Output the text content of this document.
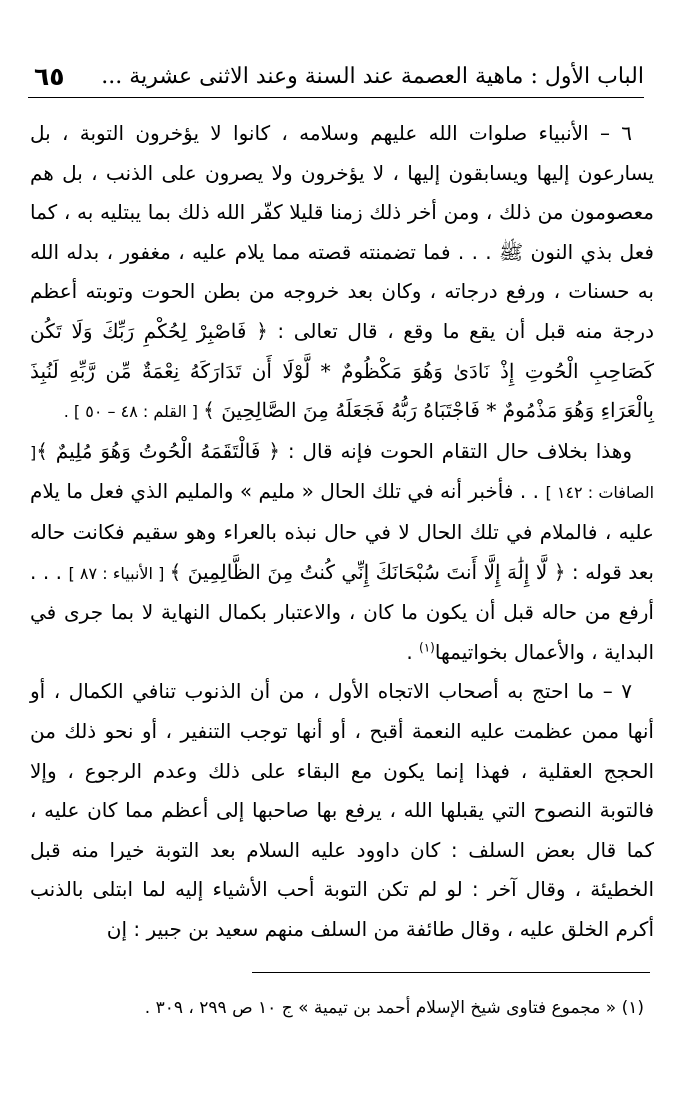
الباب الأول : ماهية العصمة عند السنة وعند الاثنى عشرية ...
٦٥

٦ – الأنبياء صلوات الله عليهم وسلامه ، كانوا لا يؤخرون التوبة ، بل يسارعون إليها ويسابقون إليها ، لا يؤخرون ولا يصرون على الذنب ، بل هم معصومون من ذلك ، ومن أخر ذلك زمنا قليلا كفّر الله ذلك بما يبتليه به ، كما فعل بذي النون ﷺ . . . فما تضمنته قصته مما يلام عليه ، مغفور ، بدله الله به حسنات ، ورفع درجاته ، وكان بعد خروجه من بطن الحوت وتوبته أعظم درجة منه قبل أن يقع ما وقع ، قال تعالى : ﴿ فَاصْبِرْ لِحُكْمِ رَبِّكَ وَلَا تَكُن كَصَاحِبِ الْحُوتِ إِذْ نَادَىٰ وَهُوَ مَكْظُومٌ * لَّوْلَا أَن تَدَارَكَهُ نِعْمَةٌ مِّن رَّبِّهِ لَنُبِذَ بِالْعَرَاءِ وَهُوَ مَذْمُومٌ * فَاجْتَبَاهُ رَبُّهُ فَجَعَلَهُ مِنَ الصَّالِحِينَ ﴾ [ القلم : ٤٨ – ٥٠ ] .

وهذا بخلاف حال التقام الحوت فإنه قال : ﴿ فَالْتَقَمَهُ الْحُوتُ وَهُوَ مُلِيمٌ ﴾[ الصافات : ١٤٢ ] . . فأخبر أنه في تلك الحال « مليم » والمليم الذي فعل ما يلام عليه ، فالملام في تلك الحال لا في حال نبذه بالعراء وهو سقيم فكانت حاله بعد قوله : ﴿ لَّا إِلَٰهَ إِلَّا أَنتَ سُبْحَانَكَ إِنِّي كُنتُ مِنَ الظَّالِمِينَ ﴾ [ الأنبياء : ٨٧ ] . . . أرفع من حاله قبل أن يكون ما كان ، والاعتبار بكمال النهاية لا بما جرى في البداية ، والأعمال بخواتيمها$^{(١)}$ .

٧ – ما احتج به أصحاب الاتجاه الأول ، من أن الذنوب تنافي الكمال ، أو أنها ممن عظمت عليه النعمة أقبح ، أو أنها توجب التنفير ، أو نحو ذلك من الحجج العقلية ، فهذا إنما يكون مع البقاء على ذلك وعدم الرجوع ، وإلا فالتوبة النصوح التي يقبلها الله ، يرفع بها صاحبها إلى أعظم مما كان عليه ، كما قال بعض السلف : كان داوود عليه السلام بعد التوبة خيرا منه قبل الخطيئة ، وقال آخر : لو لم تكن التوبة أحب الأشياء إليه لما ابتلى بالذنب أكرم الخلق عليه ، وقال طائفة من السلف منهم سعيد بن جبير : إن

(١) « مجموع فتاوى شيخ الإسلام أحمد بن تيمية » ج ١٠ ص ٢٩٩ ، ٣٠٩ .
